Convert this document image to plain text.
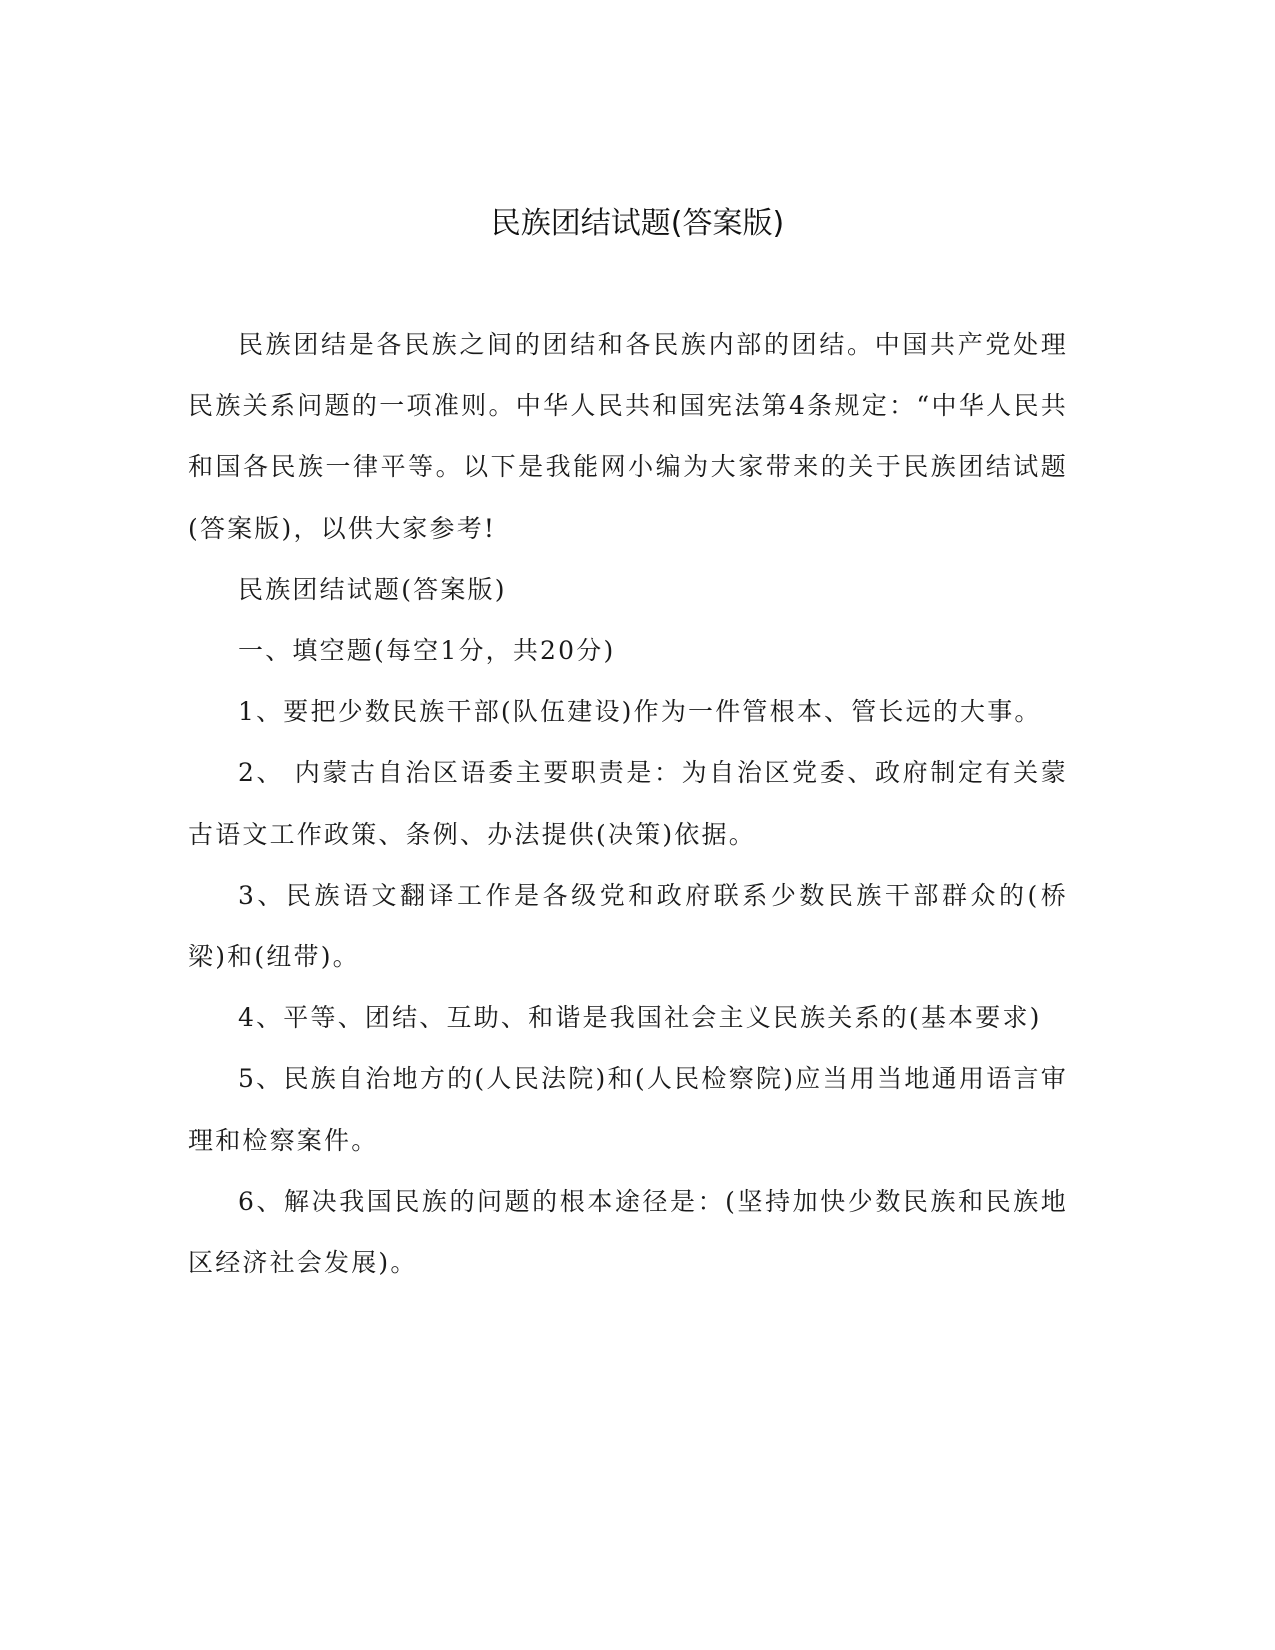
民族团结试题(答案版)

民族团结是各民族之间的团结和各民族内部的团结。中国共产党处理民族关系问题的一项准则。中华人民共和国宪法第4条规定：“中华人民共和国各民族一律平等。以下是我能网小编为大家带来的关于民族团结试题(答案版)，以供大家参考!

民族团结试题(答案版)

一、填空题(每空1分，共20分)

1、要把少数民族干部(队伍建设)作为一件管根本、管长远的大事。

2、 内蒙古自治区语委主要职责是：为自治区党委、政府制定有关蒙古语文工作政策、条例、办法提供(决策)依据。

3、民族语文翻译工作是各级党和政府联系少数民族干部群众的(桥梁)和(纽带)。

4、平等、团结、互助、和谐是我国社会主义民族关系的(基本要求)

5、民族自治地方的(人民法院)和(人民检察院)应当用当地通用语言审理和检察案件。

6、解决我国民族的问题的根本途径是：(坚持加快少数民族和民族地区经济社会发展)。
